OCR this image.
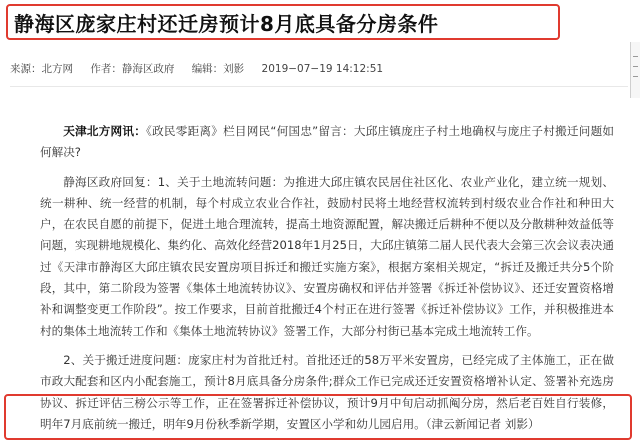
静海区庞家庄村还迁房预计8月底具备分房条件
来源：北方网 作者：静海区政府 编辑：刘影 2019−07−19 14:12:51

天津北方网讯：《政民零距离》栏目网民“何国忠”留言：大邱庄镇庞庄子村土地确权与庞庄子村搬迁问题如何解决?

静海区政府回复：1、关于土地流转问题：为推进大邱庄镇农民居住社区化、农业产业化，建立统一规划、统一耕种、统一经营的机制，每个村成立农业合作社，鼓励村民将土地经营权流转到村级农业合作社和种田大户，在农民自愿的前提下，促进土地合理流转，提高土地资源配置，解决搬迁后耕种不便以及分散耕种效益低等问题，实现耕地规模化、集约化、高效化经营2018年1月25日，大邱庄镇第二届人民代表大会第三次会议表决通过《天津市静海区大邱庄镇农民安置房项目拆迁和搬迁实施方案》，根据方案相关规定，“拆迁及搬迁共分5个阶段，其中，第二阶段为签署《集体土地流转协议》、安置房确权和评估并签署《拆迁补偿协议》、还迁安置资格增补和调整变更工作阶段”。按工作要求，目前首批搬迁4个村正在进行签署《拆迁补偿协议》工作，并积极推进本村的集体土地流转工作和《集体土地流转协议》签署工作，大部分村街已基本完成土地流转工作。

2、关于搬迁进度问题：庞家庄村为首批迁村。首批还迁的58万平米安置房，已经完成了主体施工，正在做市政大配套和区内小配套施工，预计8月底具备分房条件;群众工作已完成还迁安置资格增补认定、签署补充选房协议、拆迁评估三榜公示等工作，正在签署拆迁补偿协议，预计9月中旬启动抓阄分房，然后老百姓自行装修，明年7月底前统一搬迁，明年9月份秋季新学期，安置区小学和幼儿园启用。（津云新闻记者 刘影）
